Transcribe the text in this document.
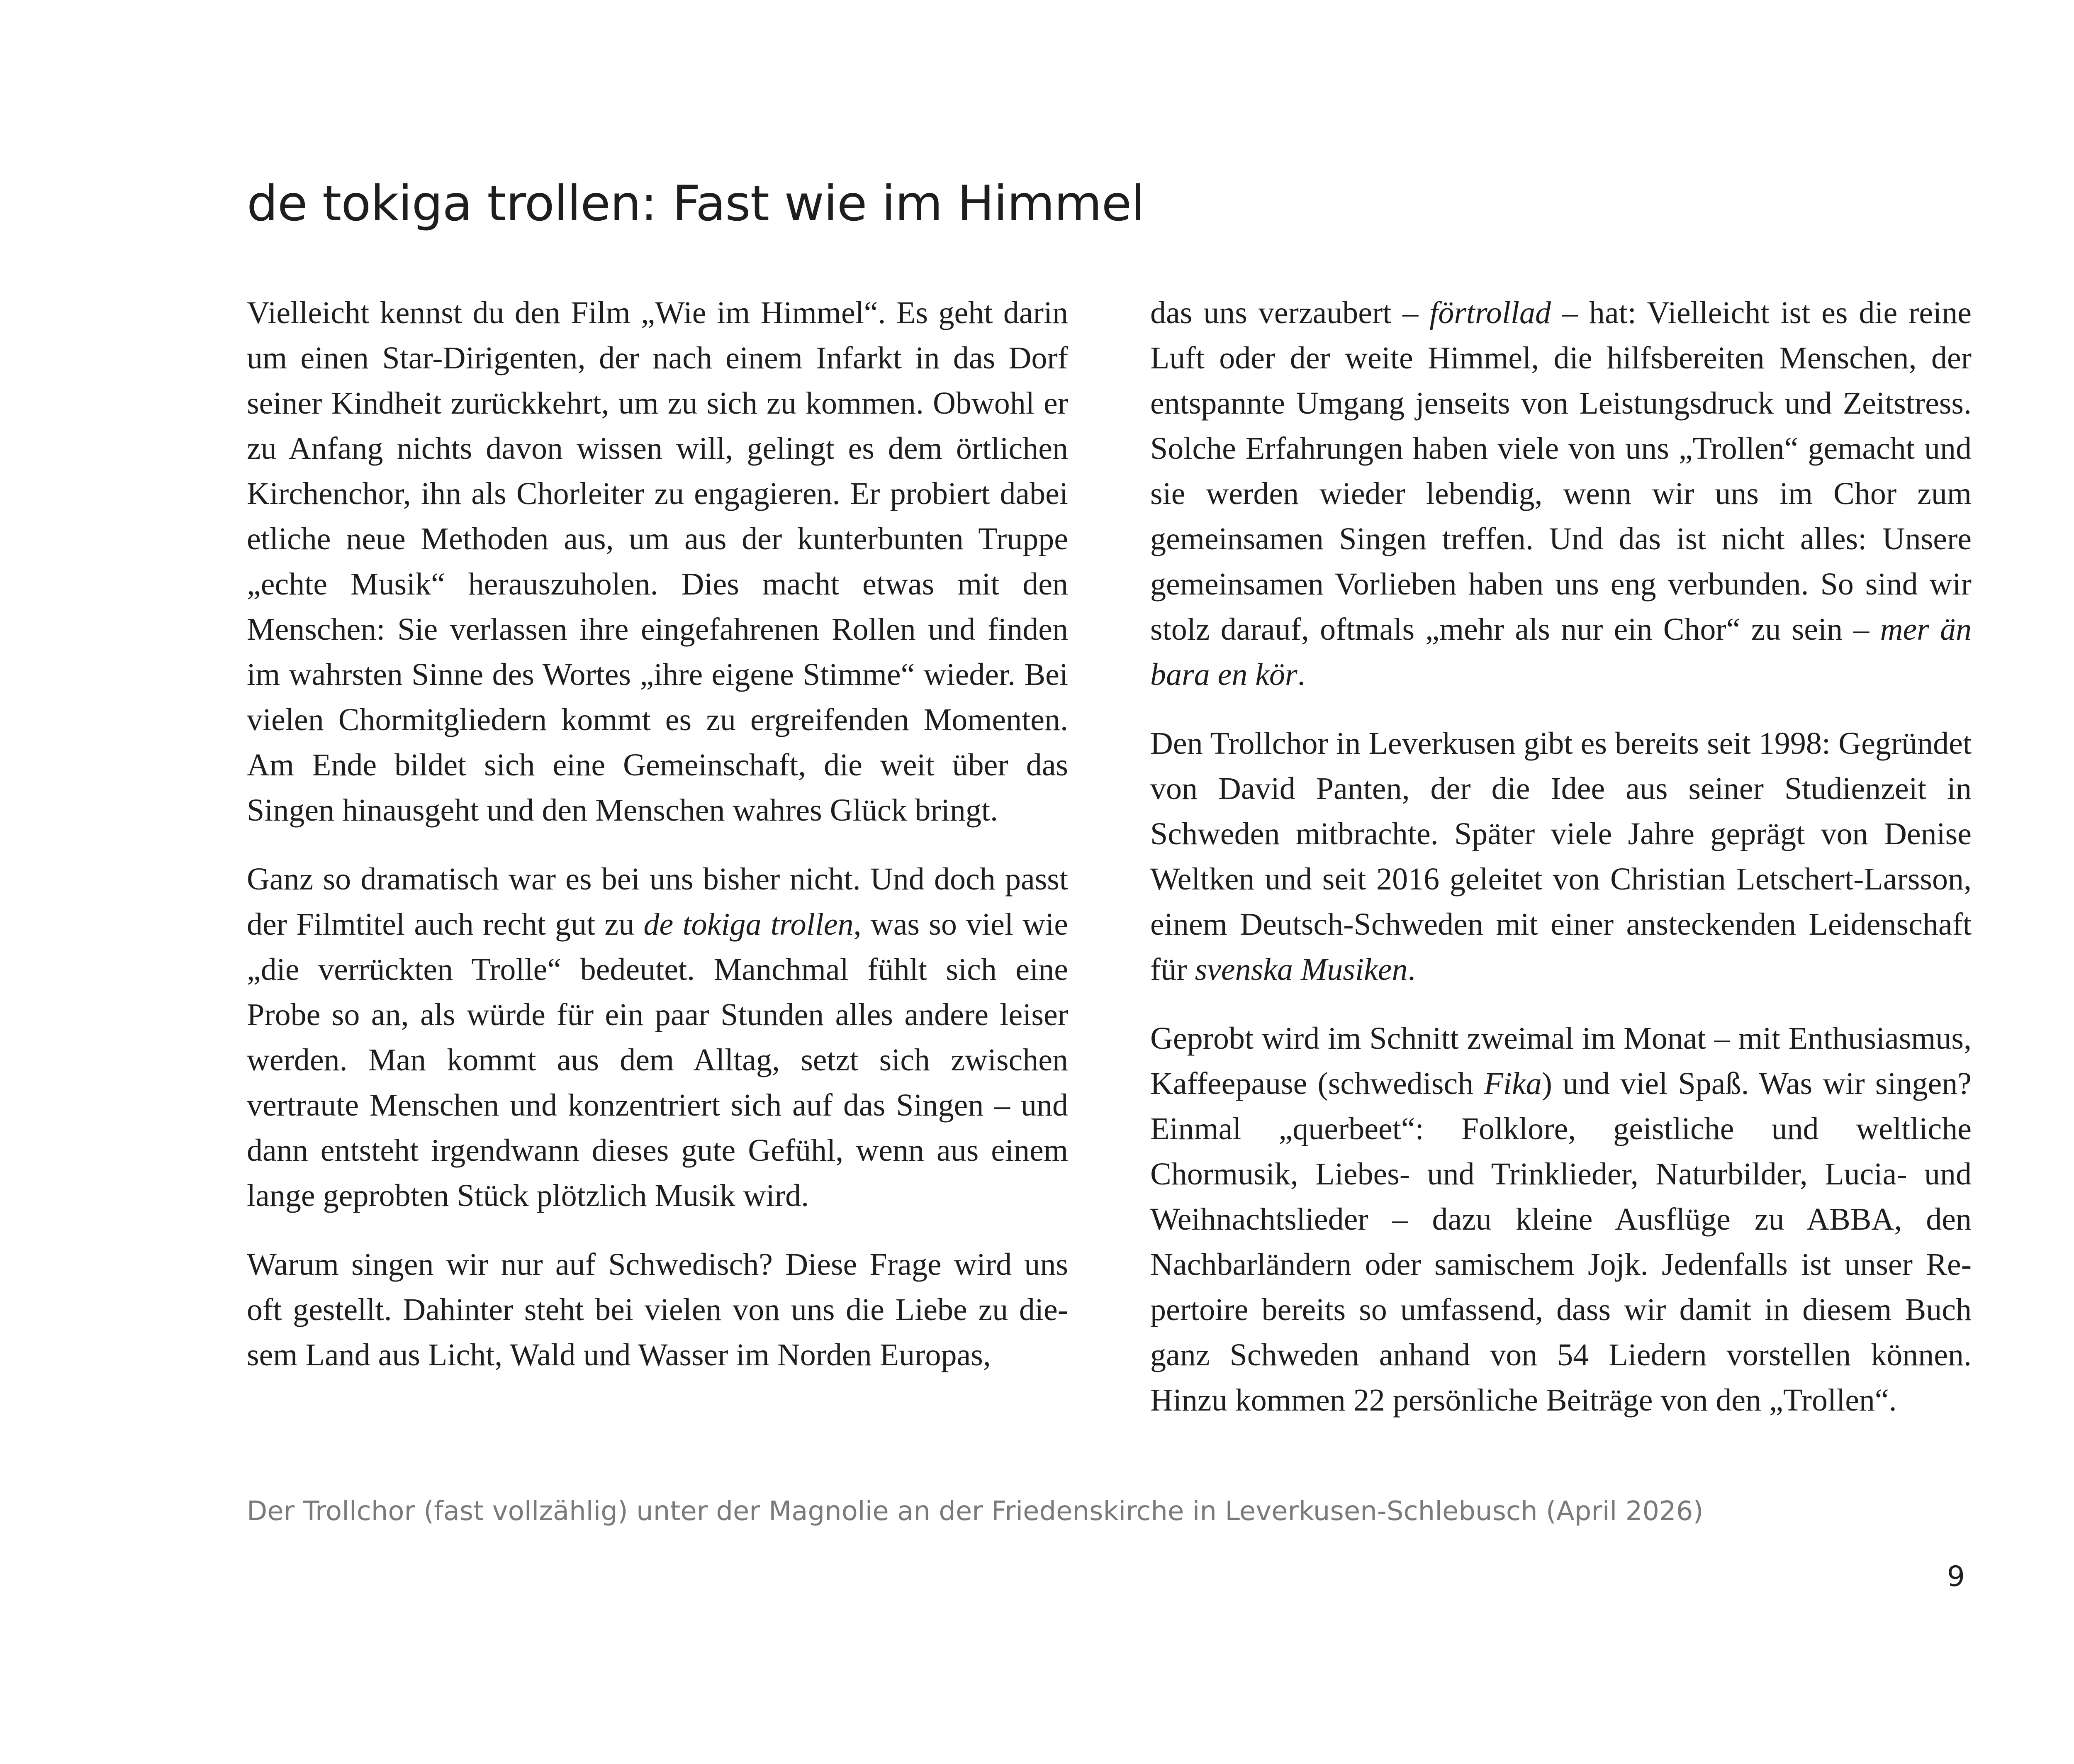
de tokiga trollen: Fast wie im Himmel

Vielleicht kennst du den Film „Wie im Himmel“. Es geht darin um einen Star-Dirigenten, der nach einem Infarkt in das Dorf seiner Kindheit zurückkehrt, um zu sich zu kommen. Obwohl er zu Anfang nichts davon wissen will, gelingt es dem örtlichen Kirchenchor, ihn als Chorleiter zu engagieren. Er probiert dabei etliche neue Methoden aus, um aus der kunterbunten Truppe „echte Musik“ herauszuholen. Dies macht etwas mit den Menschen: Sie verlassen ihre eingefahrenen Rollen und finden im wahrsten Sinne des Wortes „ihre eigene Stimme“ wieder. Bei vielen Chormitgliedern kommt es zu ergreifenden Momenten. Am Ende bildet sich eine Gemeinschaft, die weit über das Singen hinausgeht und den Menschen wahres Glück bringt.

Ganz so dramatisch war es bei uns bisher nicht. Und doch passt der Filmtitel auch recht gut zu de tokiga trollen, was so viel wie „die verrückten Trolle“ bedeutet. Manchmal fühlt sich eine Probe so an, als würde für ein paar Stunden alles andere leiser werden. Man kommt aus dem Alltag, setzt sich zwischen vertraute Menschen und konzentriert sich auf das Singen – und dann entsteht irgendwann dieses gute Gefühl, wenn aus einem lange geprobten Stück plötzlich Musik wird.

Warum singen wir nur auf Schwedisch? Diese Frage wird uns oft gestellt. Dahinter steht bei vielen von uns die Liebe zu diesem Land aus Licht, Wald und Wasser im Norden Europas,

das uns verzaubert – förtrollad – hat: Vielleicht ist es die reine Luft oder der weite Himmel, die hilfsbereiten Menschen, der entspannte Umgang jenseits von Leistungsdruck und Zeitstress. Solche Erfahrungen haben viele von uns „Trollen“ gemacht und sie werden wieder lebendig, wenn wir uns im Chor zum gemeinsamen Singen treffen. Und das ist nicht alles: Unsere gemeinsamen Vorlieben haben uns eng verbunden. So sind wir stolz darauf, oftmals „mehr als nur ein Chor“ zu sein – mer än bara en kör.

Den Trollchor in Leverkusen gibt es bereits seit 1998: Gegründet von David Panten, der die Idee aus seiner Studienzeit in Schweden mitbrachte. Später viele Jahre geprägt von Denise Weltken und seit 2016 geleitet von Christian Letschert-Larsson, einem Deutsch-Schweden mit einer ansteckenden Leidenschaft für svenska Musiken.

Geprobt wird im Schnitt zweimal im Monat – mit Enthusiasmus, Kaffeepause (schwedisch Fika) und viel Spaß. Was wir singen? Einmal „querbeet“: Folklore, geistliche und weltliche Chormusik, Liebes- und Trinklieder, Naturbilder, Lucia- und Weihnachtslieder – dazu kleine Ausflüge zu ABBA, den Nachbarländern oder samischem Jojk. Jedenfalls ist unser Repertoire bereits so umfassend, dass wir damit in diesem Buch ganz Schweden anhand von 54 Liedern vorstellen können. Hinzu kommen 22 persönliche Beiträge von den „Trollen“.

Der Trollchor (fast vollzählig) unter der Magnolie an der Friedenskirche in Leverkusen-Schlebusch (April 2026)

9
